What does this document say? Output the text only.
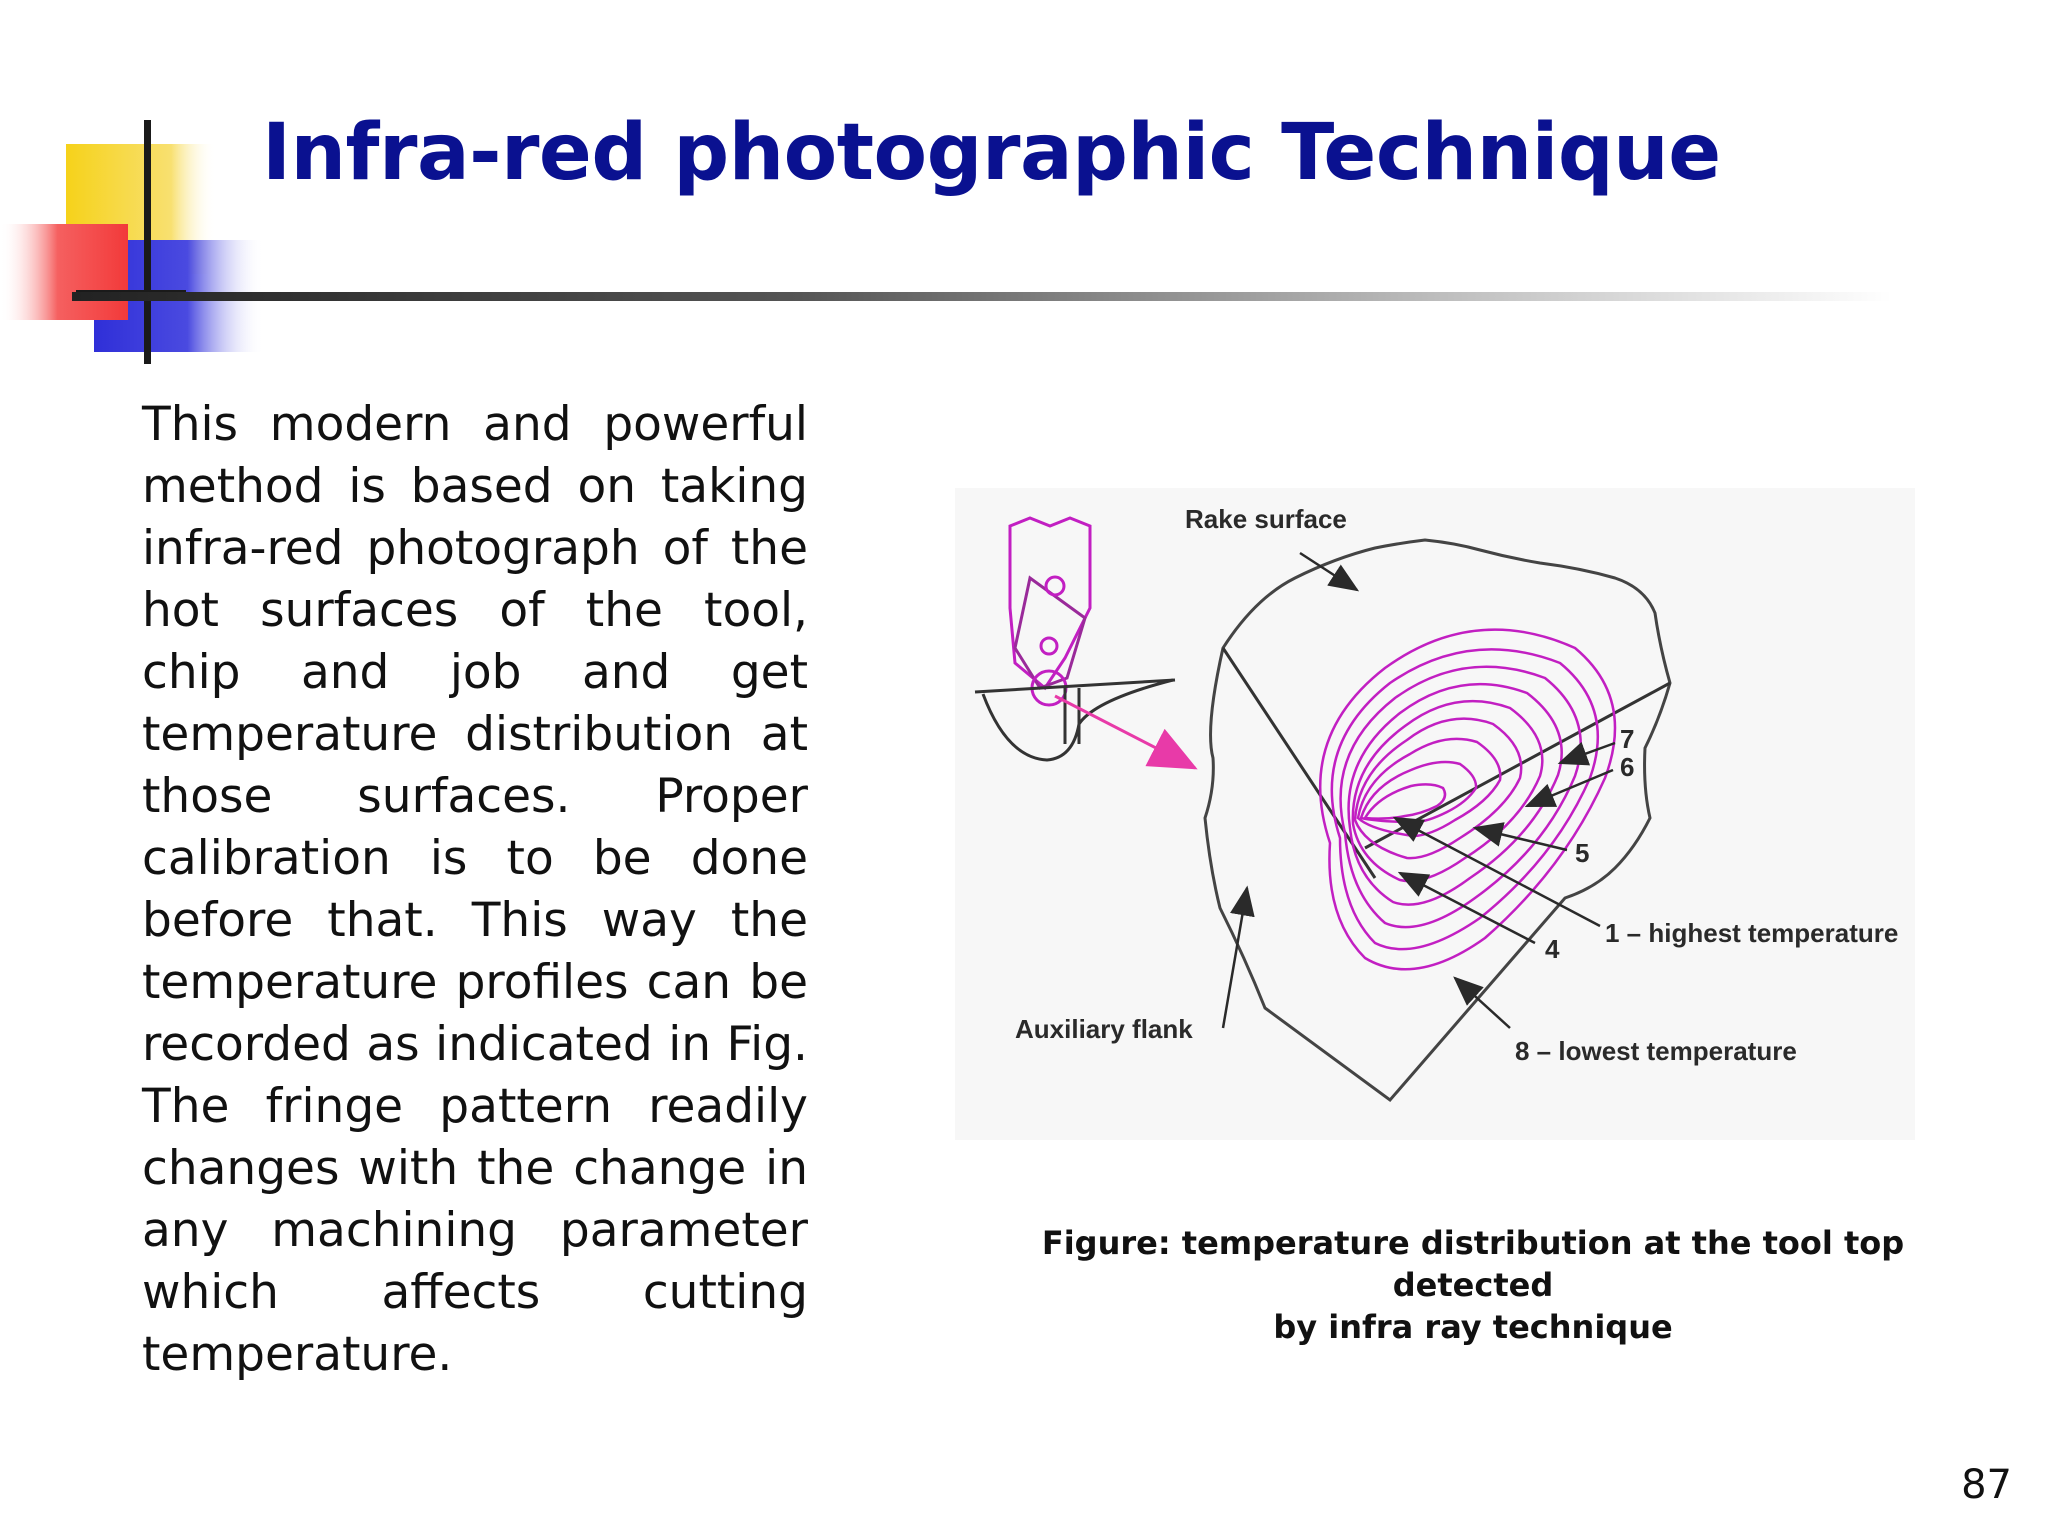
Infra-red photographic Technique
This modern and powerful method is based on taking infra-red photograph of the hot surfaces of the tool, chip and job and get temperature distribution at those surfaces. Proper calibration is to be done before that. This way the temperature profiles can be recorded as indicated in Fig. The fringe pattern readily changes with the change in any machining parameter which affects cutting temperature.
Rake surface
Auxiliary flank
7
6
5
4
1 – highest temperature
8 – lowest temperature
Figure: temperature distribution at the tool top detected
by infra ray technique
87
